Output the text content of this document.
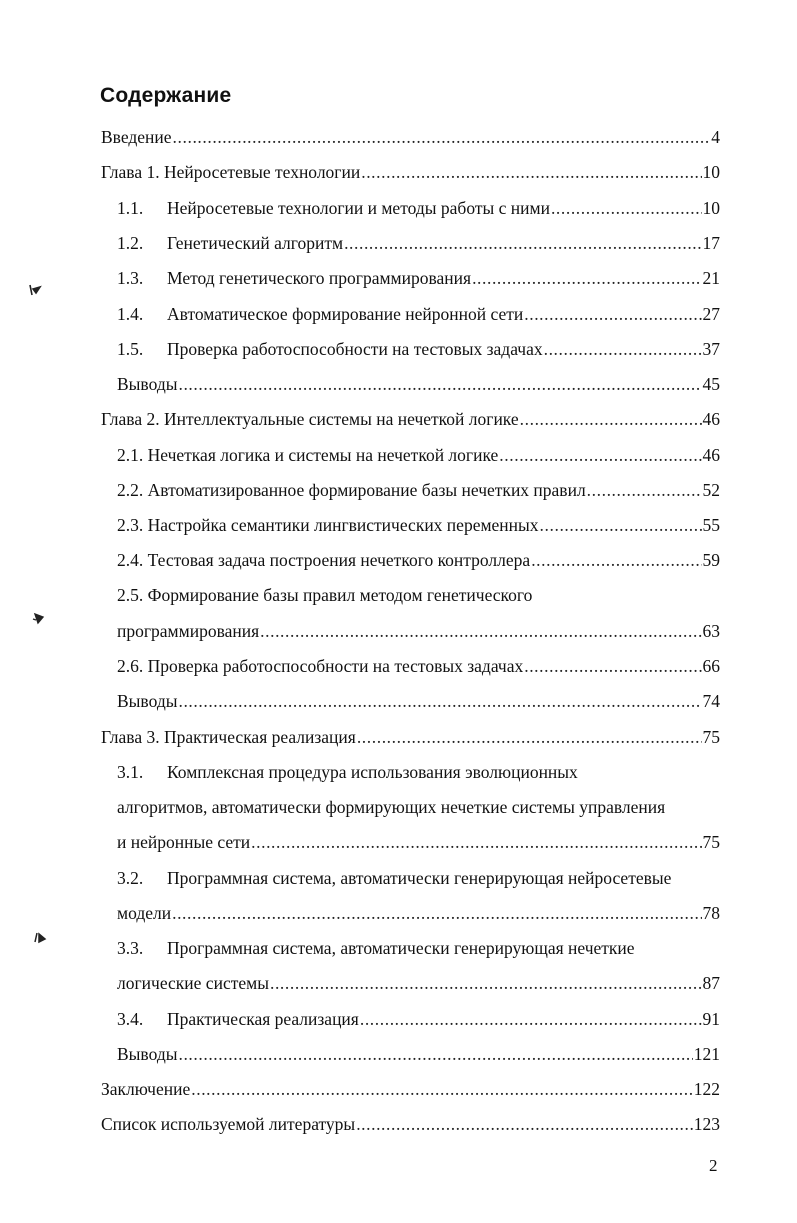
Содержание
Введение .....	4
Глава 1. Нейросетевые технологии .....	10
1.1.	Нейросетевые технологии и методы работы с ними .....	10
1.2.	Генетический алгоритм .....	17
1.3.	Метод генетического программирования .....	21
1.4.	Автоматическое формирование нейронной сети .....	27
1.5.	Проверка работоспособности на тестовых задачах .....	37
Выводы .....	45
Глава 2. Интеллектуальные системы на нечеткой логике .....	46
2.1. Нечеткая логика и системы на нечеткой логике .....	46
2.2. Автоматизированное формирование базы нечетких правил .....	52
2.3. Настройка семантики лингвистических переменных .....	55
2.4. Тестовая задача построения нечеткого контроллера .....	59
2.5. Формирование базы правил методом генетического
программирования .....	63
2.6. Проверка работоспособности на тестовых задачах .....	66
Выводы .....	74
Глава 3. Практическая реализация .....	75
3.1.	Комплексная процедура использования эволюционных
алгоритмов, автоматически формирующих нечеткие системы управления
и нейронные сети .....	75
3.2.	Программная система, автоматически генерирующая нейросетевые
модели .....	78
3.3.	Программная система, автоматически генерирующая нечеткие
логические системы .....	87
3.4.	Практическая реализация .....	91
Выводы .....	121
Заключение .....	122
Список используемой литературы .....	123
2
